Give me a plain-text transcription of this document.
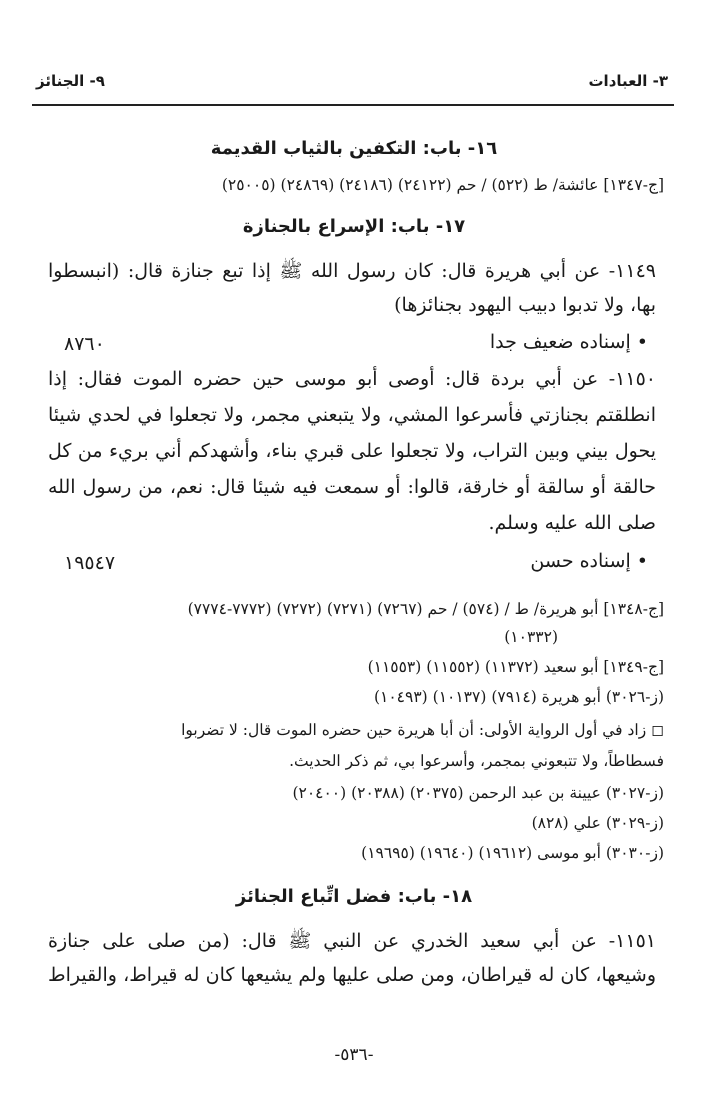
٣- العبادات
٩- الجنائز
١٦- باب: التكفين بالثياب القديمة
[ج-١٣٤٧] عائشة/ ط (٥٢٢) / حم (٢٤١٢٢) (٢٤١٨٦) (٢٤٨٦٩) (٢٥٠٠٥)
١٧- باب: الإسراع بالجنازة
١١٤٩- عن أبي هريرة قال: كان رسول الله ﷺ إذا تبع جنازة قال: (انبسطوا
بها، ولا تدبوا دبيب اليهود بجنائزها)
• إسناده ضعيف جدا
٨٧٦٠
١١٥٠- عن أبي بردة قال: أوصى أبو موسى حين حضره الموت فقال: إذا
انطلقتم بجنازتي فأسرعوا المشي، ولا يتبعني مجمر، ولا تجعلوا في لحدي شيئا
يحول بيني وبين التراب، ولا تجعلوا على قبري بناء، وأشهدكم أني بريء من كل
حالقة أو سالقة أو خارقة، قالوا: أو سمعت فيه شيئا قال: نعم، من رسول الله
صلى الله عليه وسلم.
• إسناده حسن
١٩٥٤٧
[ج-١٣٤٨] أبو هريرة/ ط / (٥٧٤) / حم (٧٢٦٧) (٧٢٧١) (٧٢٧٢) (٧٧٧٢-٧٧٧٤)
(١٠٣٣٢)
[ج-١٣٤٩] أبو سعيد (١١٣٧٢) (١١٥٥٢) (١١٥٥٣)
(ز-٣٠٢٦) أبو هريرة (٧٩١٤) (١٠١٣٧) (١٠٤٩٣)
◻ زاد في أول الرواية الأولى: أن أبا هريرة حين حضره الموت قال: لا تضربوا
فسطاطاً، ولا تتبعوني بمجمر، وأسرعوا بي، ثم ذكر الحديث.
(ز-٣٠٢٧) عيينة بن عبد الرحمن (٢٠٣٧٥) (٢٠٣٨٨) (٢٠٤٠٠)
(ز-٣٠٢٩) علي (٨٢٨)
(ز-٣٠٣٠) أبو موسى (١٩٦١٢) (١٩٦٤٠) (١٩٦٩٥)
١٨- باب: فضل اتِّباع الجنائز
١١٥١- عن أبي سعيد الخدري عن النبي ﷺ قال: (من صلى على جنازة
وشيعها، كان له قيراطان، ومن صلى عليها ولم يشيعها كان له قيراط، والقيراط
-٥٣٦-
